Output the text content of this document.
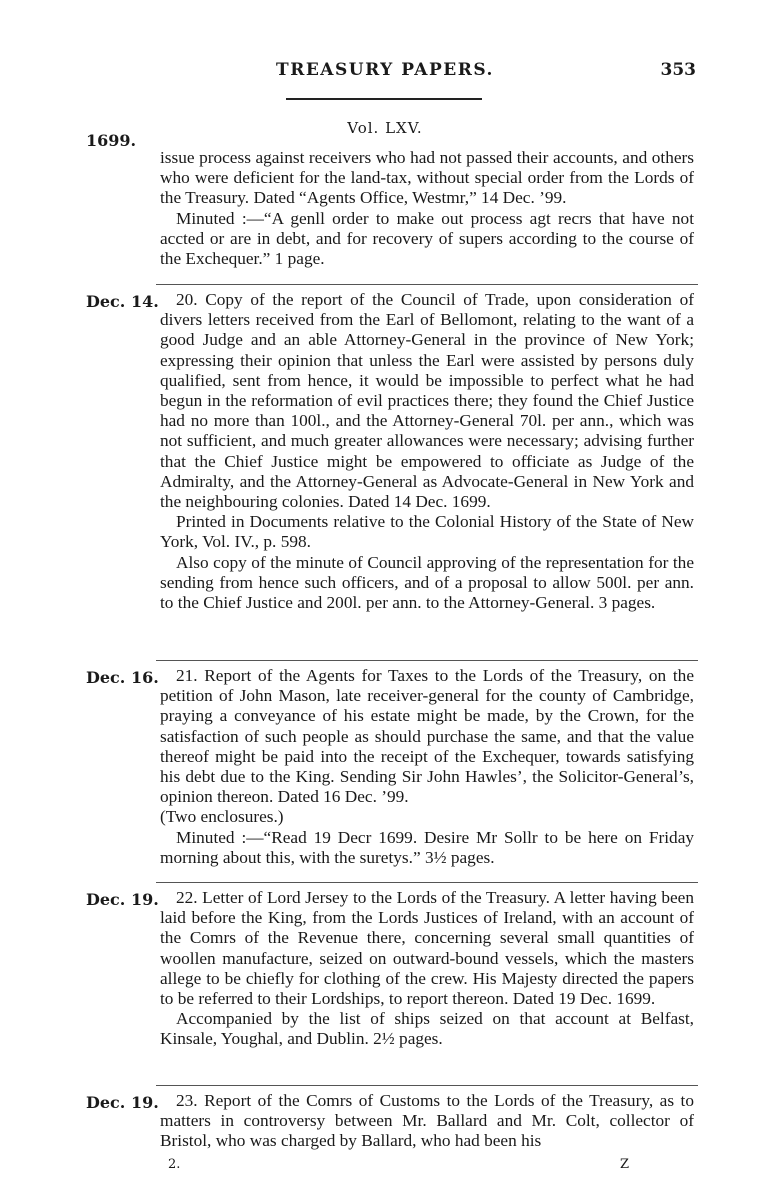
TREASURY PAPERS.	353
Vol. LXV.
1699.

issue process against receivers who had not passed their accounts, and others who were deficient for the land-tax, without special order from the Lords of the Treasury. Dated “Agents Office, Westmr,” 14 Dec. ’99.

Minuted :—“A genll order to make out process agt recrs that have not accted or are in debt, and for recovery of supers according to the course of the Exchequer.” 1 page.

Dec. 14. 20. Copy of the report of the Council of Trade, upon consideration of divers letters received from the Earl of Bellomont, relating to the want of a good Judge and an able Attorney-General in the province of New York; expressing their opinion that unless the Earl were assisted by persons duly qualified, sent from hence, it would be impossible to perfect what he had begun in the reformation of evil practices there; they found the Chief Justice had no more than 100l., and the Attorney-General 70l. per ann., which was not sufficient, and much greater allowances were necessary; advising further that the Chief Justice might be empowered to officiate as Judge of the Admiralty, and the Attorney-General as Advocate-General in New York and the neighbouring colonies. Dated 14 Dec. 1699.

Printed in Documents relative to the Colonial History of the State of New York, Vol. IV., p. 598.

Also copy of the minute of Council approving of the representation for the sending from hence such officers, and of a proposal to allow 500l. per ann. to the Chief Justice and 200l. per ann. to the Attorney-General. 3 pages.

Dec. 16. 21. Report of the Agents for Taxes to the Lords of the Treasury, on the petition of John Mason, late receiver-general for the county of Cambridge, praying a conveyance of his estate might be made, by the Crown, for the satisfaction of such people as should purchase the same, and that the value thereof might be paid into the receipt of the Exchequer, towards satisfying his debt due to the King. Sending Sir John Hawles’, the Solicitor-General’s, opinion thereon. Dated 16 Dec. ’99.

(Two enclosures.)

Minuted :—“Read 19 Decr 1699. Desire Mr Sollr to be here on Friday morning about this, with the suretys.” 3½ pages.

Dec. 19. 22. Letter of Lord Jersey to the Lords of the Treasury. A letter having been laid before the King, from the Lords Justices of Ireland, with an account of the Comrs of the Revenue there, concerning several small quantities of woollen manufacture, seized on outward-bound vessels, which the masters allege to be chiefly for clothing of the crew. His Majesty directed the papers to be referred to their Lordships, to report thereon. Dated 19 Dec. 1699.

Accompanied by the list of ships seized on that account at Belfast, Kinsale, Youghal, and Dublin. 2½ pages.

Dec. 19. 23. Report of the Comrs of Customs to the Lords of the Treasury, as to matters in controversy between Mr. Ballard and Mr. Colt, collector of Bristol, who was charged by Ballard, who had been his

2.	Z
